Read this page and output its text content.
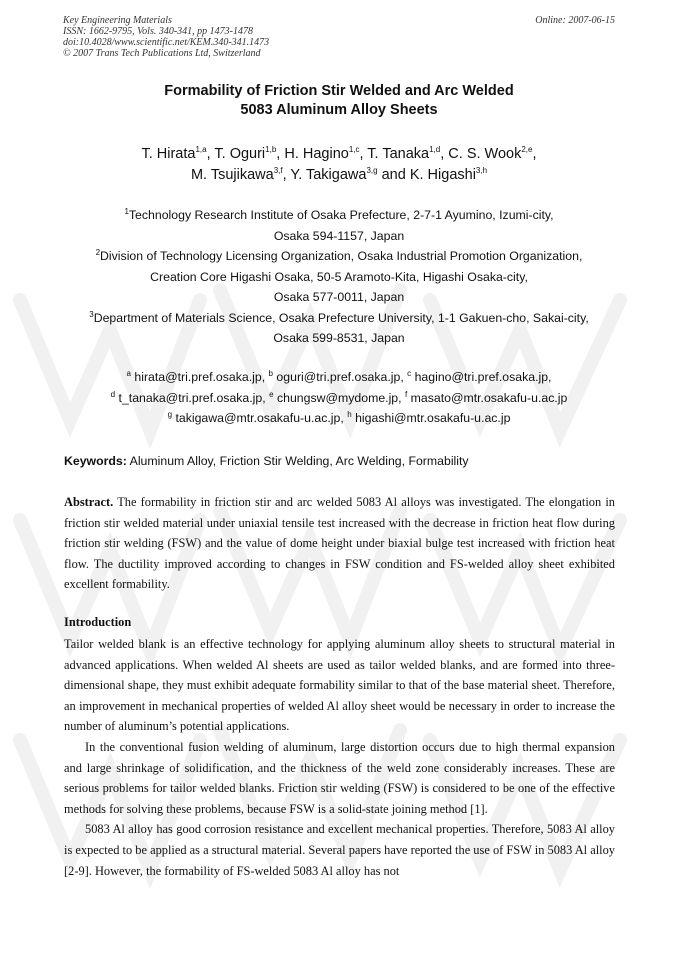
Key Engineering Materials
ISSN: 1662-9795, Vols. 340-341, pp 1473-1478
doi:10.4028/www.scientific.net/KEM.340-341.1473
© 2007 Trans Tech Publications Ltd, Switzerland
Online: 2007-06-15
Formability of Friction Stir Welded and Arc Welded
5083 Aluminum Alloy Sheets
T. Hirata$^{1,a}$, T. Oguri$^{1,b}$, H. Hagino$^{1,c}$, T. Tanaka$^{1,d}$, C. S. Wook$^{2,e}$,
M. Tsujikawa$^{3,f}$, Y. Takigawa$^{3,g}$ and K. Higashi$^{3,h}$
$^1$Technology Research Institute of Osaka Prefecture, 2-7-1 Ayumino, Izumi-city,
Osaka 594-1157, Japan
$^2$Division of Technology Licensing Organization, Osaka Industrial Promotion Organization,
Creation Core Higashi Osaka, 50-5 Aramoto-Kita, Higashi Osaka-city,
Osaka 577-0011, Japan
$^3$Department of Materials Science, Osaka Prefecture University, 1-1 Gakuen-cho, Sakai-city,
Osaka 599-8531, Japan
$^a$ hirata@tri.pref.osaka.jp, $^b$ oguri@tri.pref.osaka.jp, $^c$ hagino@tri.pref.osaka.jp,
$^d$ t_tanaka@tri.pref.osaka.jp, $^e$ chungsw@mydome.jp, $^f$ masato@mtr.osakafu-u.ac.jp
$^g$ takigawa@mtr.osakafu-u.ac.jp, $^h$ higashi@mtr.osakafu-u.ac.jp
Keywords: Aluminum Alloy, Friction Stir Welding, Arc Welding, Formability
Abstract. The formability in friction stir and arc welded 5083 Al alloys was investigated. The elongation in friction stir welded material under uniaxial tensile test increased with the decrease in friction heat flow during friction stir welding (FSW) and the value of dome height under biaxial bulge test increased with friction heat flow. The ductility improved according to changes in FSW condition and FS-welded alloy sheet exhibited excellent formability.
Introduction

Tailor welded blank is an effective technology for applying aluminum alloy sheets to structural material in advanced applications. When welded Al sheets are used as tailor welded blanks, and are formed into three-dimensional shape, they must exhibit adequate formability similar to that of the base material sheet. Therefore, an improvement in mechanical properties of welded Al alloy sheet would be necessary in order to increase the number of aluminum’s potential applications.

In the conventional fusion welding of aluminum, large distortion occurs due to high thermal expansion and large shrinkage of solidification, and the thickness of the weld zone considerably increases. These are serious problems for tailor welded blanks. Friction stir welding (FSW) is considered to be one of the effective methods for solving these problems, because FSW is a solid-state joining method [1].

5083 Al alloy has good corrosion resistance and excellent mechanical properties. Therefore, 5083 Al alloy is expected to be applied as a structural material. Several papers have reported the use of FSW in 5083 Al alloy [2-9]. However, the formability of FS-welded 5083 Al alloy has not
